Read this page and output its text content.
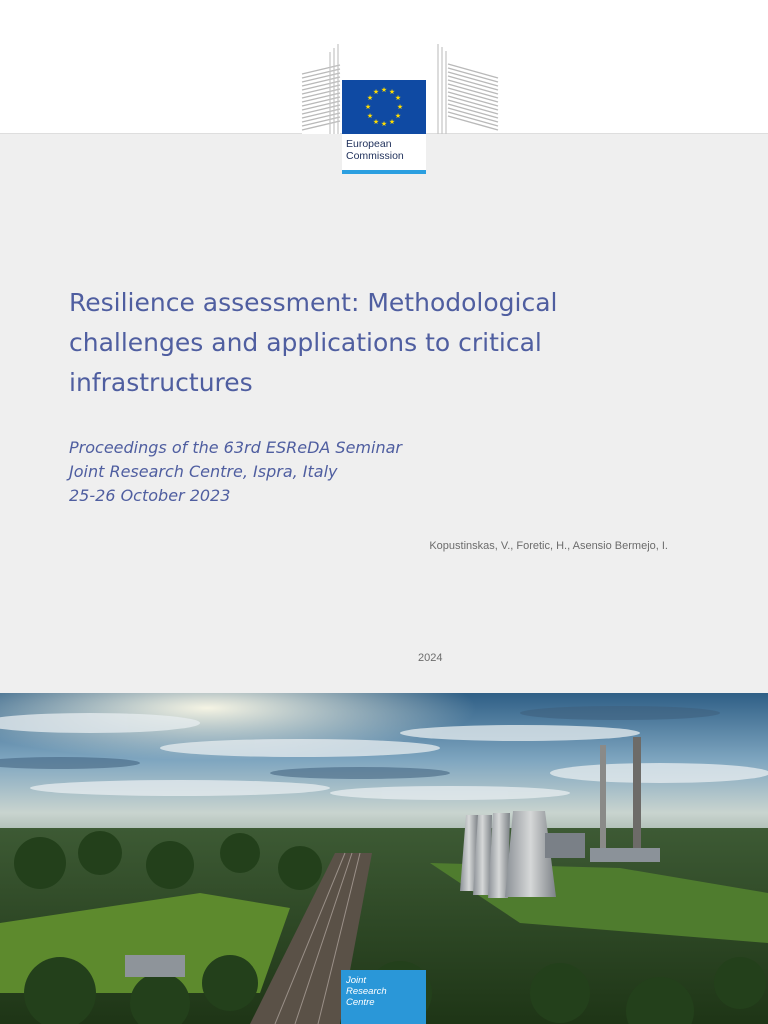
★ ★
★
★
★
★
★
★
★
★
★
★
European
Commission
Resilience assessment: Methodological
challenges and applications to critical
infrastructures
Proceedings of the 63rd ESReDA Seminar
Joint Research Centre, Ispra, Italy
25-26 October 2023
Kopustinskas, V., Foretic, H., Asensio Bermejo, I.
2024
Joint
Research
Centre
